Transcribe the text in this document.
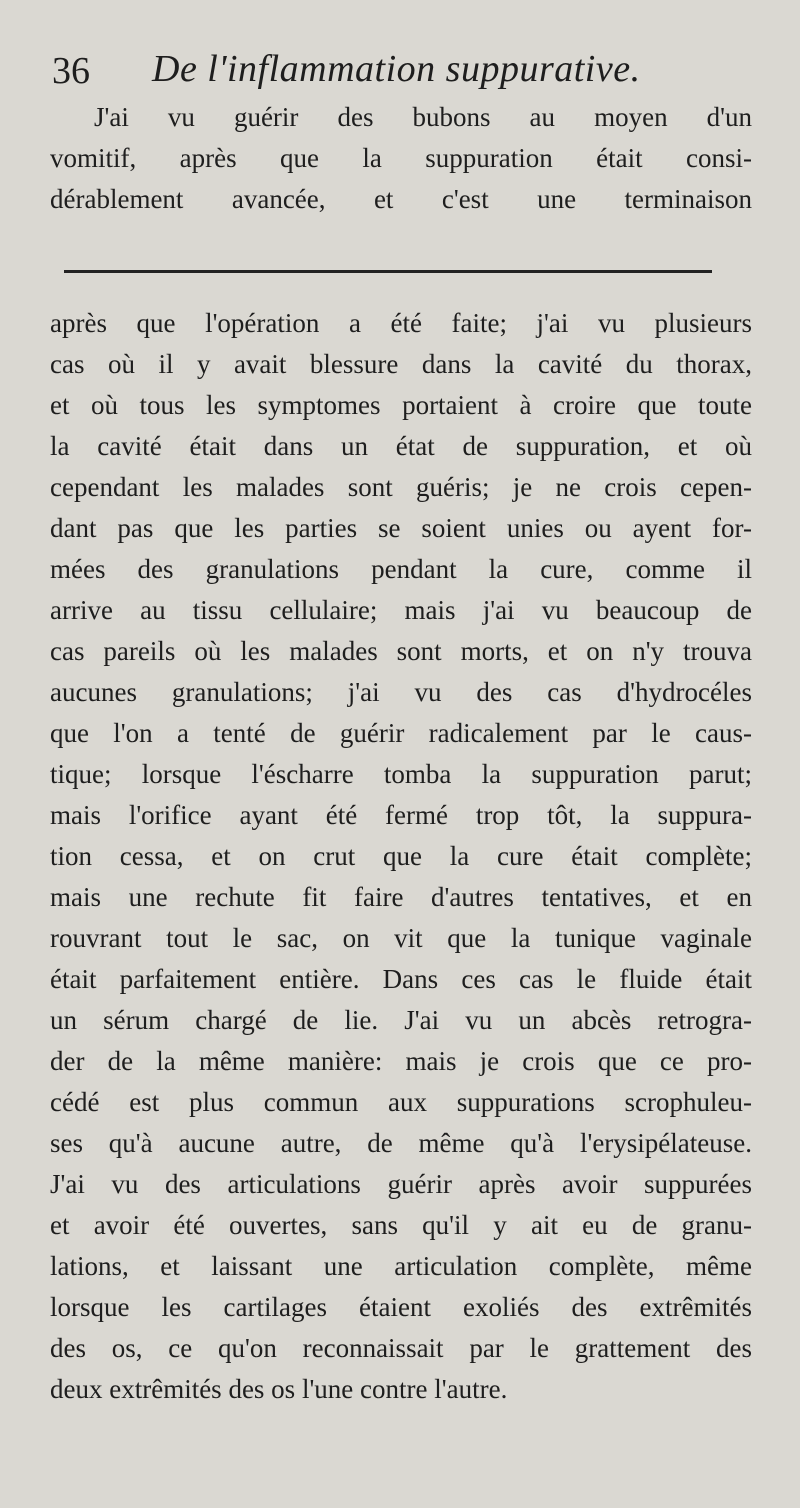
36 De l'inflammation suppurative.
J'ai vu guérir des bubons au moyen d'un
vomitif, après que la suppuration était consi-
dérablement avancée, et c'est une terminaison
après que l'opération a été faite; j'ai vu plusieurs
cas où il y avait blessure dans la cavité du thorax,
et où tous les symptomes portaient à croire que toute
la cavité était dans un état de suppuration, et où
cependant les malades sont guéris; je ne crois cepen-
dant pas que les parties se soient unies ou ayent for-
mées des granulations pendant la cure, comme il
arrive au tissu cellulaire; mais j'ai vu beaucoup de
cas pareils où les malades sont morts, et on n'y trouva
aucunes granulations; j'ai vu des cas d'hydrocéles
que l'on a tenté de guérir radicalement par le caus-
tique; lorsque l'éscharre tomba la suppuration parut;
mais l'orifice ayant été fermé trop tôt, la suppura-
tion cessa, et on crut que la cure était complète;
mais une rechute fit faire d'autres tentatives, et en
rouvrant tout le sac, on vit que la tunique vaginale
était parfaitement entière. Dans ces cas le fluide était
un sérum chargé de lie. J'ai vu un abcès retrogra-
der de la même manière: mais je crois que ce pro-
cédé est plus commun aux suppurations scrophuleu-
ses qu'à aucune autre, de même qu'à l'erysipélateuse.
J'ai vu des articulations guérir après avoir suppurées
et avoir été ouvertes, sans qu'il y ait eu de granu-
lations, et laissant une articulation complète, même
lorsque les cartilages étaient exoliés des extrêmités
des os, ce qu'on reconnaissait par le grattement des
deux extrêmités des os l'une contre l'autre.
